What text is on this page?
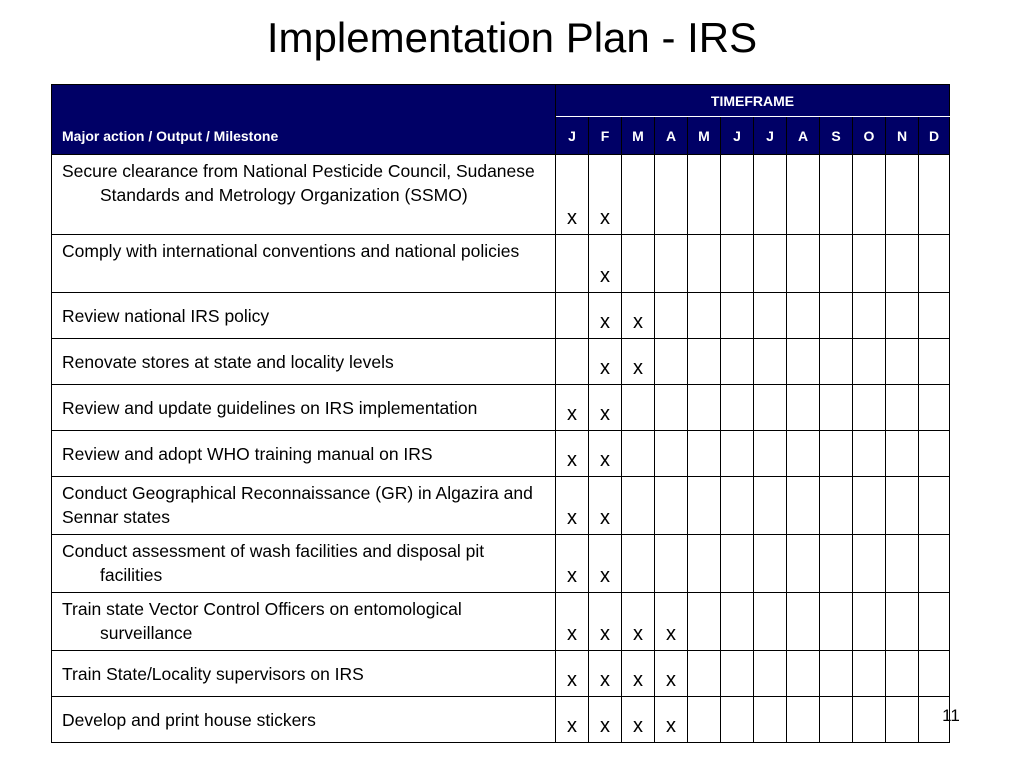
Implementation Plan - IRS
Major action / Output / Milestone	TIMEFRAME											
	J	F	M	A	M	J	J	A	S	O	N	D

Secure clearance from National Pesticide Council, Sudanese Standards and Metrology Organization (SSMO)	x	x										
Comply with international conventions and national policies		x										
Review national IRS policy		x	x									
Renovate stores at state and locality levels		x	x									
Review and update guidelines on IRS implementation	x	x										
Review and adopt WHO training manual on IRS	x	x										
Conduct Geographical Reconnaissance (GR) in Algazira and Sennar states	x	x										

Conduct assessment of wash facilities and disposal pit facilities	x	x										

Train state Vector Control Officers on entomological surveillance	x	x	x	x								
Train State/Locality supervisors on IRS	x	x	x	x								
Develop and print house stickers	x	x	x	x									11
